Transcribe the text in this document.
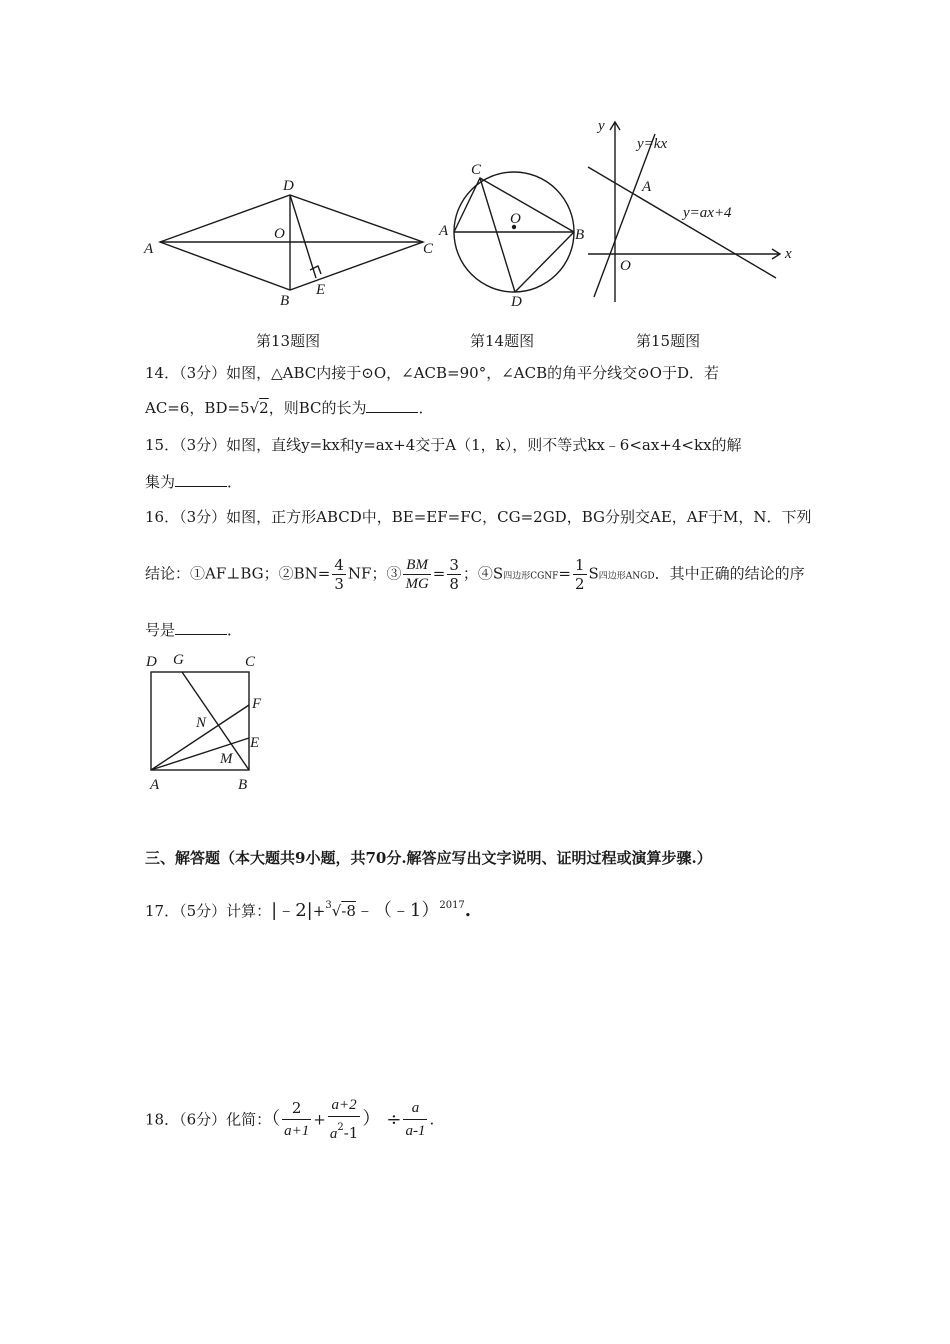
A
D
O
C
B
E
A
C
O
B
D
y
x
O
A
y=kx
y=ax+4
第13题图	第14题图	第15题图
14．（3分）如图，△ABC内接于⊙O，∠ACB=90°，∠ACB的角平分线交⊙O于D．若
AC=6，BD=5√2，则BC的长为	．
15．（3分）如图，直线y=kx和y=ax+4交于A（1，k），则不等式kx﹣6<ax+4<kx的解
集为	．
16．（3分）如图，正方形ABCD中，BE=EF=FC，CG=2GD，BG分别交AE，AF于M，N．下列
结论：①AF⊥BG；②BN= $\frac{4}{3}$ NF；③ $\frac{BM}{MG} = \frac{3}{8}$ ；④S四边形CGNF= $\frac{1}{2}$ S四边形ANGD．其中正确的结论的序
号是	．
D G	C
F
N
E
M
A	B
三、解答题（本大题共9小题，共70分.解答应写出文字说明、证明过程或演算步骤.）
17．（5分）计算：|﹣2|+$^3$√-8﹣（﹣1）$^{2017}$.
18．（6分）化简：（ $\frac{2}{a+1} + \frac{a+2}{a^2-1}$ ） ÷ $\frac{a}{a-1}$ .
